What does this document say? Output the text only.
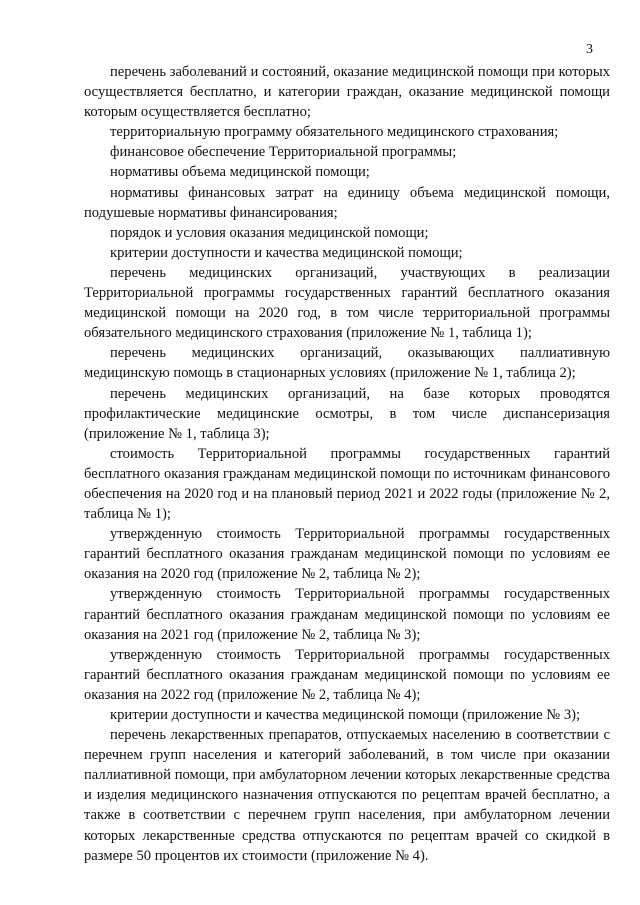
3

перечень заболеваний и состояний, оказание медицинской помощи при которых осуществляется бесплатно, и категории граждан, оказание медицинской помощи которым осуществляется бесплатно;

территориальную программу обязательного медицинского страхования;

финансовое обеспечение Территориальной программы;

нормативы объема медицинской помощи;

нормативы финансовых затрат на единицу объема медицинской помощи, подушевые нормативы финансирования;

порядок и условия оказания медицинской помощи;

критерии доступности и качества медицинской помощи;

перечень медицинских организаций, участвующих в реализации Территориальной программы государственных гарантий бесплатного оказания медицинской помощи на 2020 год, в том числе территориальной программы обязательного медицинского страхования (приложение № 1, таблица 1);

перечень медицинских организаций, оказывающих паллиативную медицинскую помощь в стационарных условиях (приложение № 1, таблица 2);

перечень медицинских организаций, на базе которых проводятся профилактические медицинские осмотры, в том числе диспансеризация (приложение № 1, таблица 3);

стоимость Территориальной программы государственных гарантий бесплатного оказания гражданам медицинской помощи по источникам финансового обеспечения на 2020 год и на плановый период 2021 и 2022 годы (приложение № 2, таблица № 1);

утвержденную стоимость Территориальной программы государственных гарантий бесплатного оказания гражданам медицинской помощи по условиям ее оказания на 2020 год (приложение № 2, таблица № 2);

утвержденную стоимость Территориальной программы государственных гарантий бесплатного оказания гражданам медицинской помощи по условиям ее оказания на 2021 год (приложение № 2, таблица № 3);

утвержденную стоимость Территориальной программы государственных гарантий бесплатного оказания гражданам медицинской помощи по условиям ее оказания на 2022 год (приложение № 2, таблица № 4);

критерии доступности и качества медицинской помощи (приложение № 3);

перечень лекарственных препаратов, отпускаемых населению в соответствии с перечнем групп населения и категорий заболеваний, в том числе при оказании паллиативной помощи, при амбулаторном лечении которых лекарственные средства и изделия медицинского назначения отпускаются по рецептам врачей бесплатно, а также в соответствии с перечнем групп населения, при амбулаторном лечении которых лекарственные средства отпускаются по рецептам врачей со скидкой в размере 50 процентов их стоимости (приложение № 4).
